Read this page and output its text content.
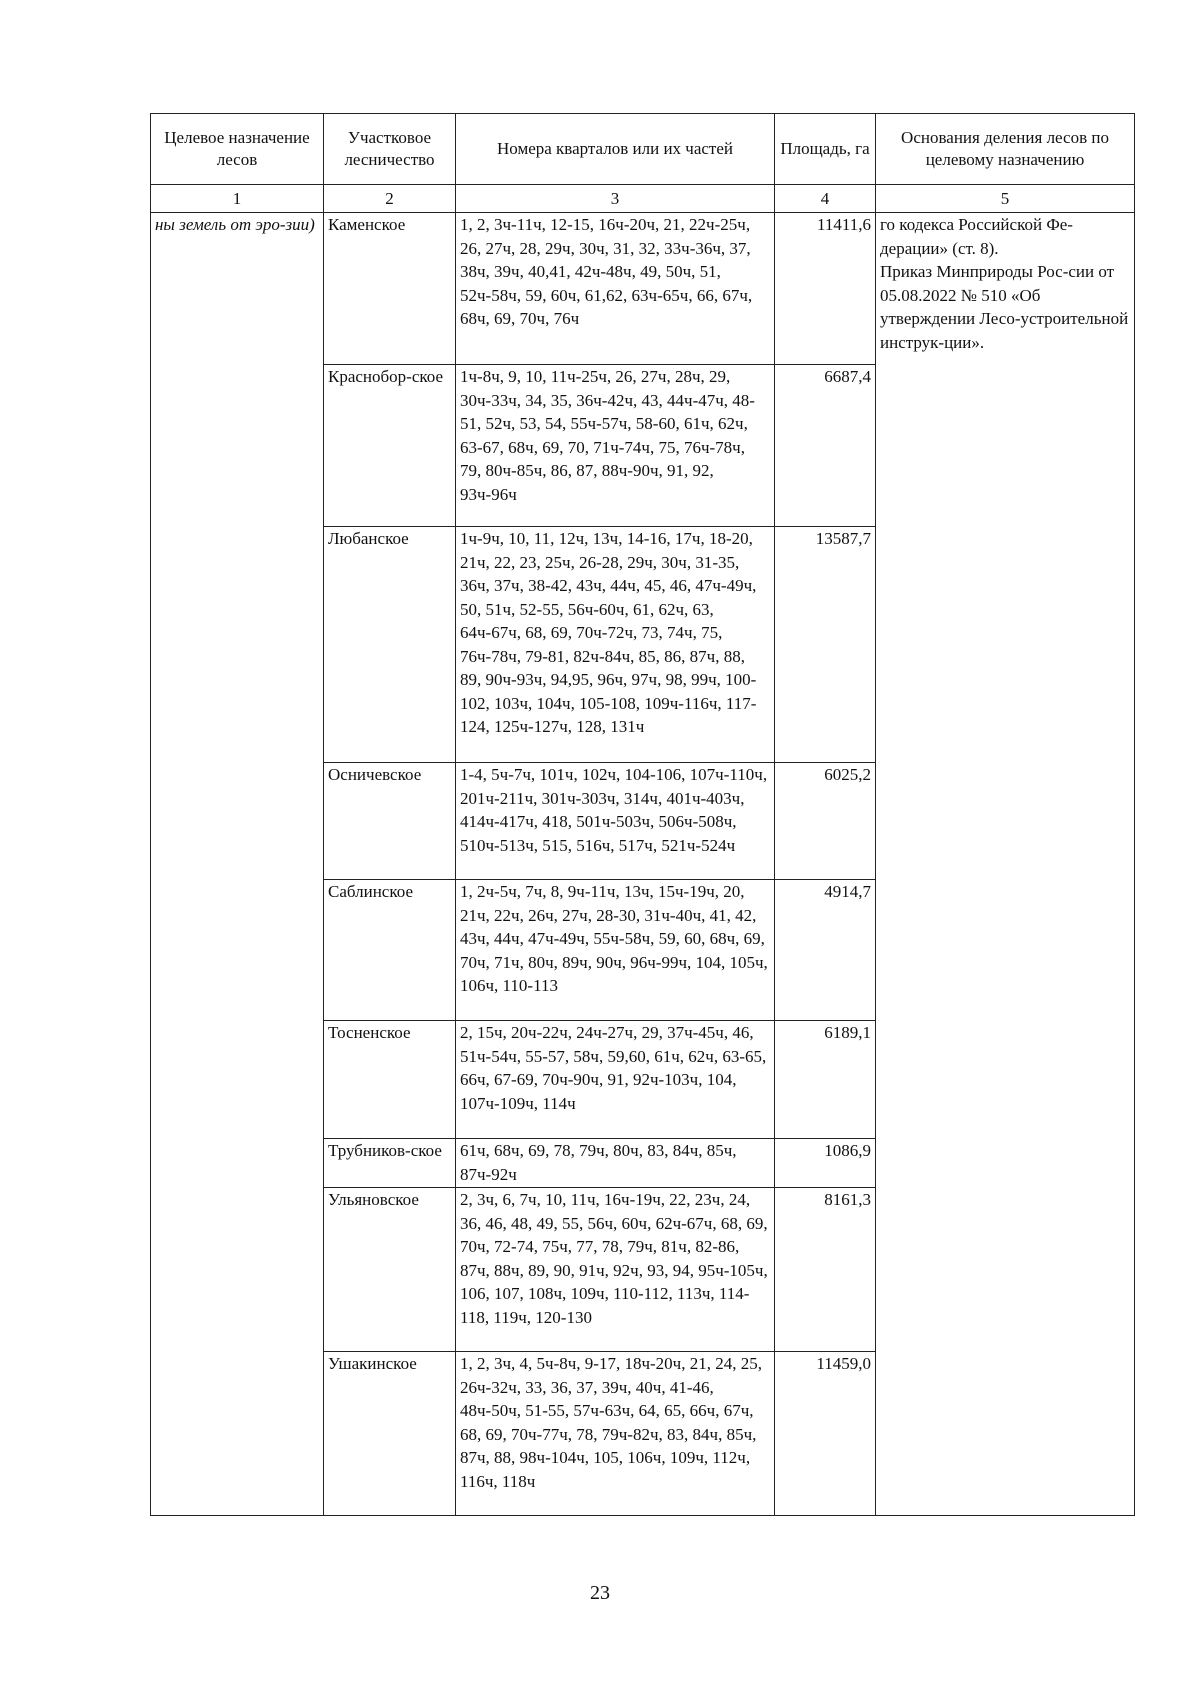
Целевое назначение лесов	Участковое лесничество	Номера кварталов или их частей	Площадь, га	Основания деления лесов по целевому назначению
1	2	3	4	5
ны земель от эро-зии)	Каменское	1, 2, 3ч-11ч, 12-15, 16ч-20ч, 21, 22ч-25ч, 26, 27ч, 28, 29ч, 30ч, 31, 32, 33ч-36ч, 37, 38ч, 39ч, 40,41, 42ч-48ч, 49, 50ч, 51, 52ч-58ч, 59, 60ч, 61,62, 63ч-65ч, 66, 67ч, 68ч, 69, 70ч, 76ч	11411,6	го кодекса Российской Фе-дерации» (ст. 8).
Приказ Минприроды Рос-сии от 05.08.2022 № 510 «Об утверждении Лесо-устроительной инструк-ции».
	Краснобор-ское	1ч-8ч, 9, 10, 11ч-25ч, 26, 27ч, 28ч, 29, 30ч-33ч, 34, 35, 36ч-42ч, 43, 44ч-47ч, 48-51, 52ч, 53, 54, 55ч-57ч, 58-60, 61ч, 62ч, 63-67, 68ч, 69, 70, 71ч-74ч, 75, 76ч-78ч, 79, 80ч-85ч, 86, 87, 88ч-90ч, 91, 92, 93ч-96ч	6687,4	
	Любанское	1ч-9ч, 10, 11, 12ч, 13ч, 14-16, 17ч, 18-20, 21ч, 22, 23, 25ч, 26-28, 29ч, 30ч, 31-35, 36ч, 37ч, 38-42, 43ч, 44ч, 45, 46, 47ч-49ч, 50, 51ч, 52-55, 56ч-60ч, 61, 62ч, 63, 64ч-67ч, 68, 69, 70ч-72ч, 73, 74ч, 75, 76ч-78ч, 79-81, 82ч-84ч, 85, 86, 87ч, 88, 89, 90ч-93ч, 94,95, 96ч, 97ч, 98, 99ч, 100-102, 103ч, 104ч, 105-108, 109ч-116ч, 117-124, 125ч-127ч, 128, 131ч	13587,7	
	Осничевское	1-4, 5ч-7ч, 101ч, 102ч, 104-106, 107ч-110ч, 201ч-211ч, 301ч-303ч, 314ч, 401ч-403ч, 414ч-417ч, 418, 501ч-503ч, 506ч-508ч, 510ч-513ч, 515, 516ч, 517ч, 521ч-524ч	6025,2	
	Саблинское	1, 2ч-5ч, 7ч, 8, 9ч-11ч, 13ч, 15ч-19ч, 20, 21ч, 22ч, 26ч, 27ч, 28-30, 31ч-40ч, 41, 42, 43ч, 44ч, 47ч-49ч, 55ч-58ч, 59, 60, 68ч, 69, 70ч, 71ч, 80ч, 89ч, 90ч, 96ч-99ч, 104, 105ч, 106ч, 110-113	4914,7	
	Тосненское	2, 15ч, 20ч-22ч, 24ч-27ч, 29, 37ч-45ч, 46, 51ч-54ч, 55-57, 58ч, 59,60, 61ч, 62ч, 63-65, 66ч, 67-69, 70ч-90ч, 91, 92ч-103ч, 104, 107ч-109ч, 114ч	6189,1	
	Трубников-ское	61ч, 68ч, 69, 78, 79ч, 80ч, 83, 84ч, 85ч, 87ч-92ч	1086,9	
	Ульяновское	2, 3ч, 6, 7ч, 10, 11ч, 16ч-19ч, 22, 23ч, 24, 36, 46, 48, 49, 55, 56ч, 60ч, 62ч-67ч, 68, 69, 70ч, 72-74, 75ч, 77, 78, 79ч, 81ч, 82-86, 87ч, 88ч, 89, 90, 91ч, 92ч, 93, 94, 95ч-105ч, 106, 107, 108ч, 109ч, 110-112, 113ч, 114-118, 119ч, 120-130	8161,3	
	Ушакинское	1, 2, 3ч, 4, 5ч-8ч, 9-17, 18ч-20ч, 21, 24, 25, 26ч-32ч, 33, 36, 37, 39ч, 40ч, 41-46, 48ч-50ч, 51-55, 57ч-63ч, 64, 65, 66ч, 67ч, 68, 69, 70ч-77ч, 78, 79ч-82ч, 83, 84ч, 85ч, 87ч, 88, 98ч-104ч, 105, 106ч, 109ч, 112ч, 116ч, 118ч	11459,0	
23
